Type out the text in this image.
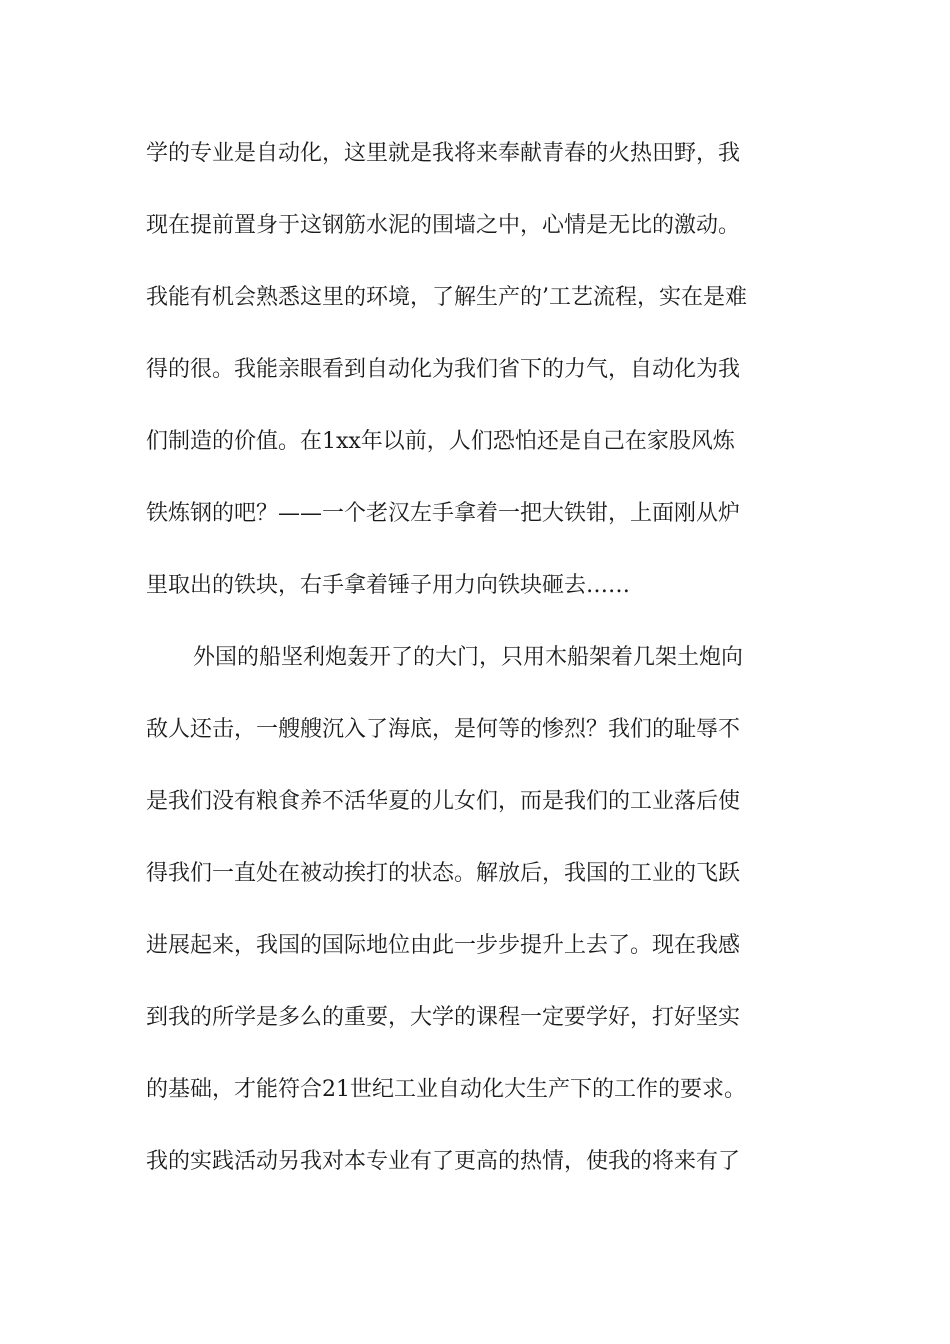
学的专业是自动化，这里就是我将来奉献青春的火热田野，我
现在提前置身于这钢筋水泥的围墙之中，心情是无比的激动。
我能有机会熟悉这里的环境，了解生产的’工艺流程，实在是难
得的很。我能亲眼看到自动化为我们省下的力气，自动化为我
们制造的价值。在1xx年以前，人们恐怕还是自己在家股风炼
铁炼钢的吧？——一个老汉左手拿着一把大铁钳，上面刚从炉
里取出的铁块，右手拿着锤子用力向铁块砸去……
外国的船坚利炮轰开了的大门，只用木船架着几架土炮向
敌人还击，一艘艘沉入了海底，是何等的惨烈？我们的耻辱不
是我们没有粮食养不活华夏的儿女们，而是我们的工业落后使
得我们一直处在被动挨打的状态。解放后，我国的工业的飞跃
进展起来，我国的国际地位由此一步步提升上去了。现在我感
到我的所学是多么的重要，大学的课程一定要学好，打好坚实
的基础，才能符合21世纪工业自动化大生产下的工作的要求。
我的实践活动另我对本专业有了更高的热情，使我的将来有了
